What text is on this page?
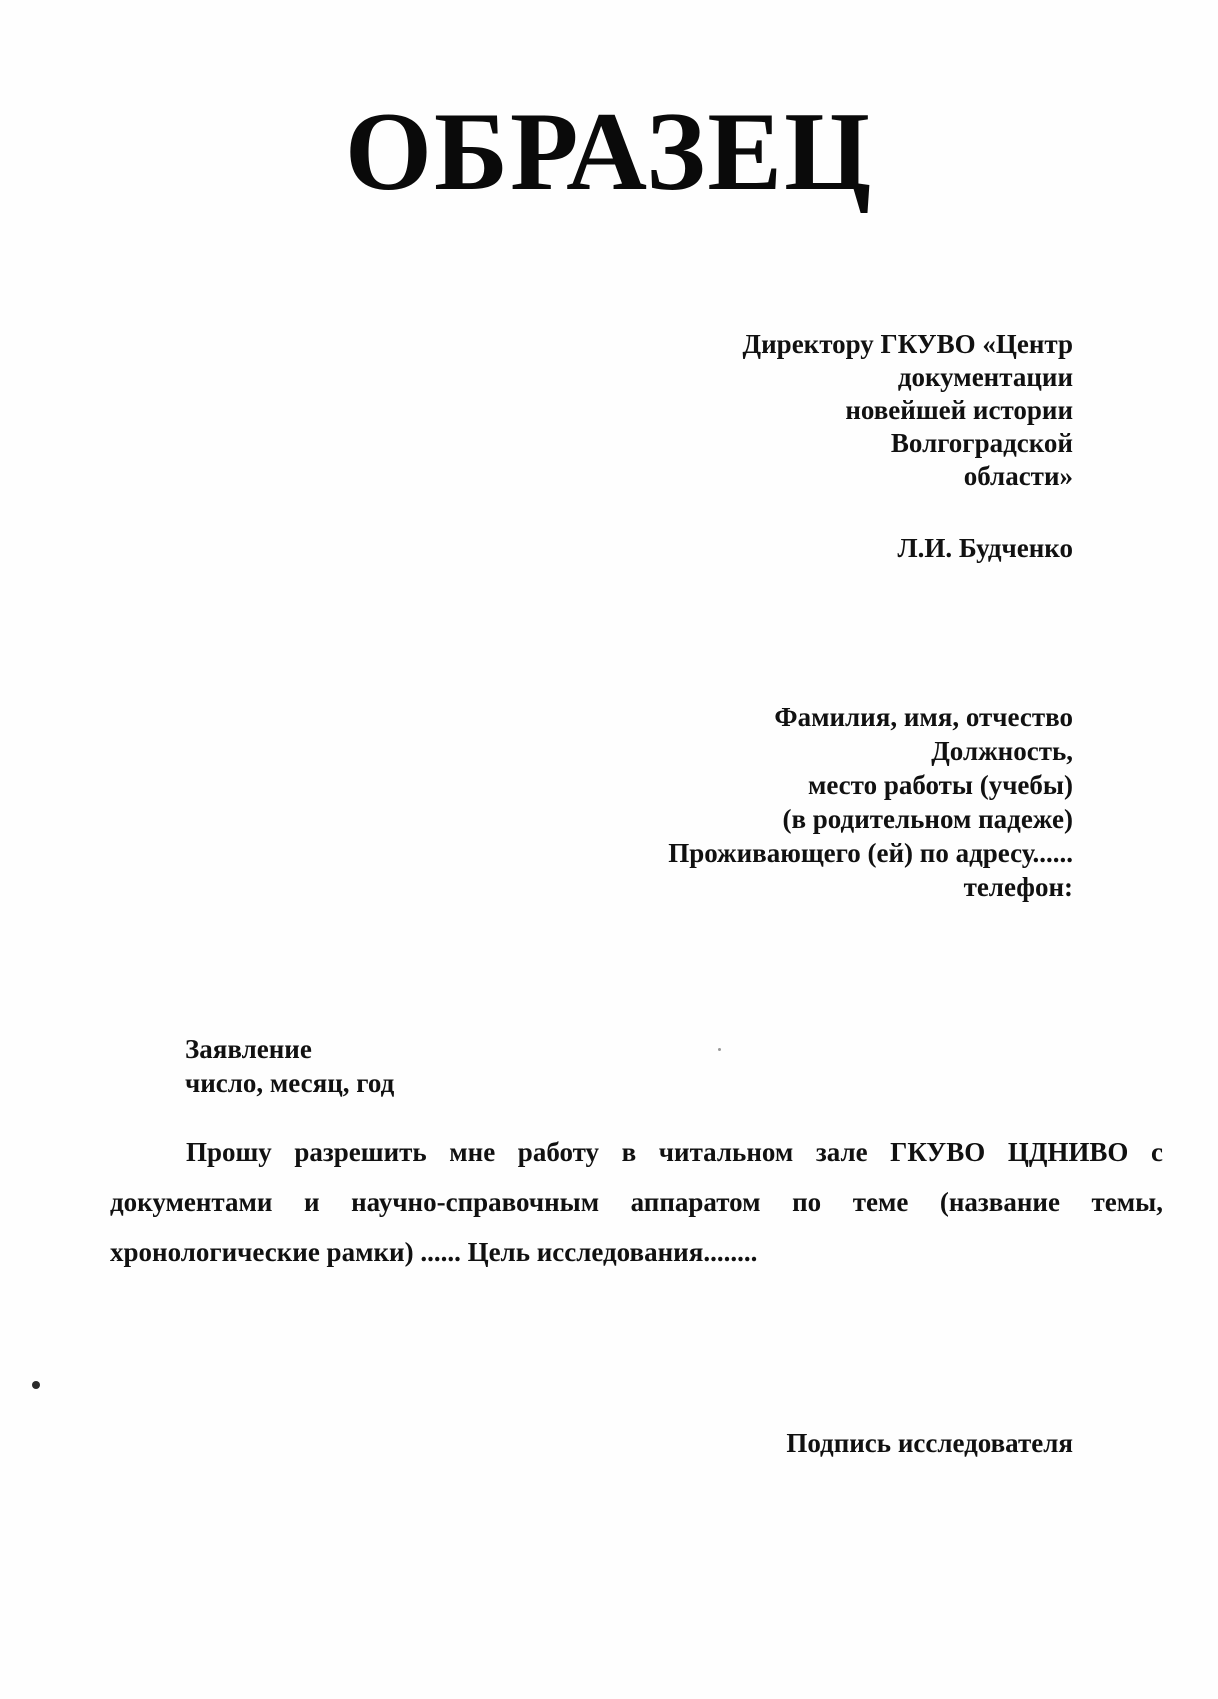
ОБРАЗЕЦ
Директору ГКУВО «Центр
документации
новейшей истории
Волгоградской
области»
Л.И. Будченко
Фамилия, имя, отчество
Должность,
место работы (учебы)
(в родительном падеже)
Проживающего (ей) по адресу......
телефон:
Заявление
число, месяц, год
Прошу разрешить мне работу в читальном зале ГКУВО ЦДНИВО с документами и научно-справочным аппаратом по теме (название темы, хронологические рамки) ...... Цель исследования........
Подпись исследователя
